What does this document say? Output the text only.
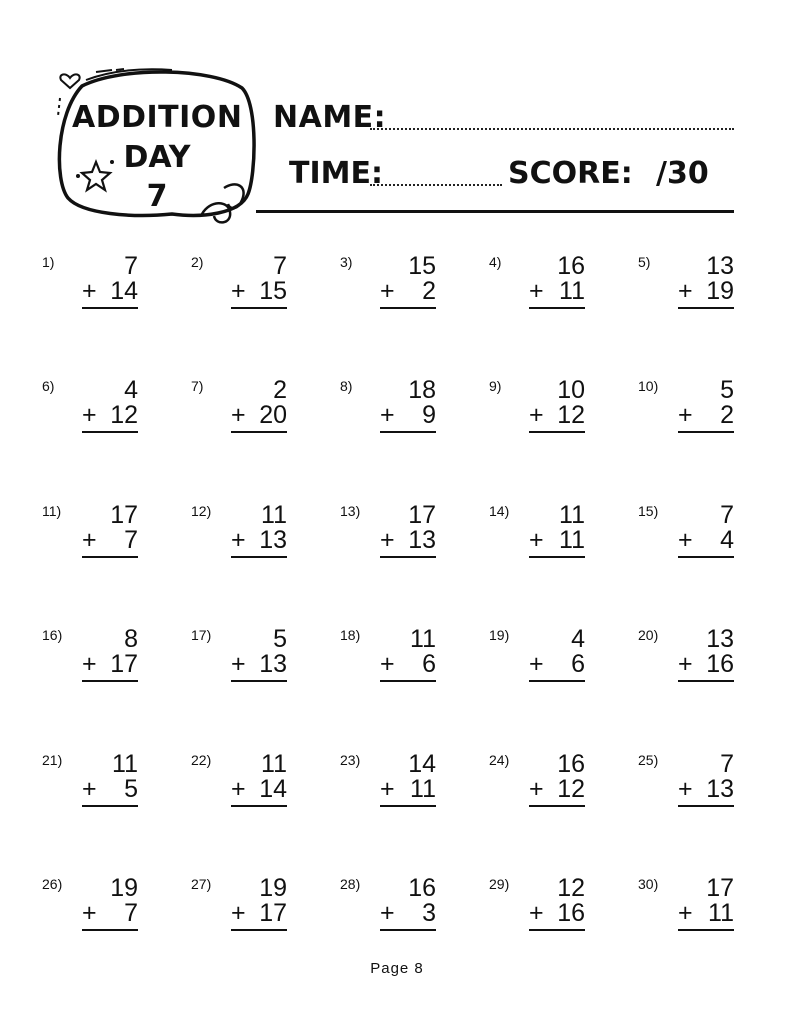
ADDITION
DAY
7
NAME:
TIME:	SCORE: /30
1)	7
+ 14
2)	7
+ 15
3)	15
+ 2
4)	16
+ 11
5)	13
+ 19
6)	4
+ 12
7)	2
+ 20
8)	18
+ 9
9)	10
+ 12
10)	5
+ 2
11)	17
+ 7
12)	11
+ 13
13)	17
+ 13
14)	11
+ 11
15)	7
+ 4
16)	8
+ 17
17)	5
+ 13
18)	11
+ 6
19)	4
+ 6
20)	13
+ 16
21)	11
+ 5
22)	11
+ 14
23)	14
+ 11
24)	16
+ 12
25)	7
+ 13
26)	19
+ 7
27)	19
+ 17
28)	16
+ 3
29)	12
+ 16
30)	17
+ 11
Page 8
